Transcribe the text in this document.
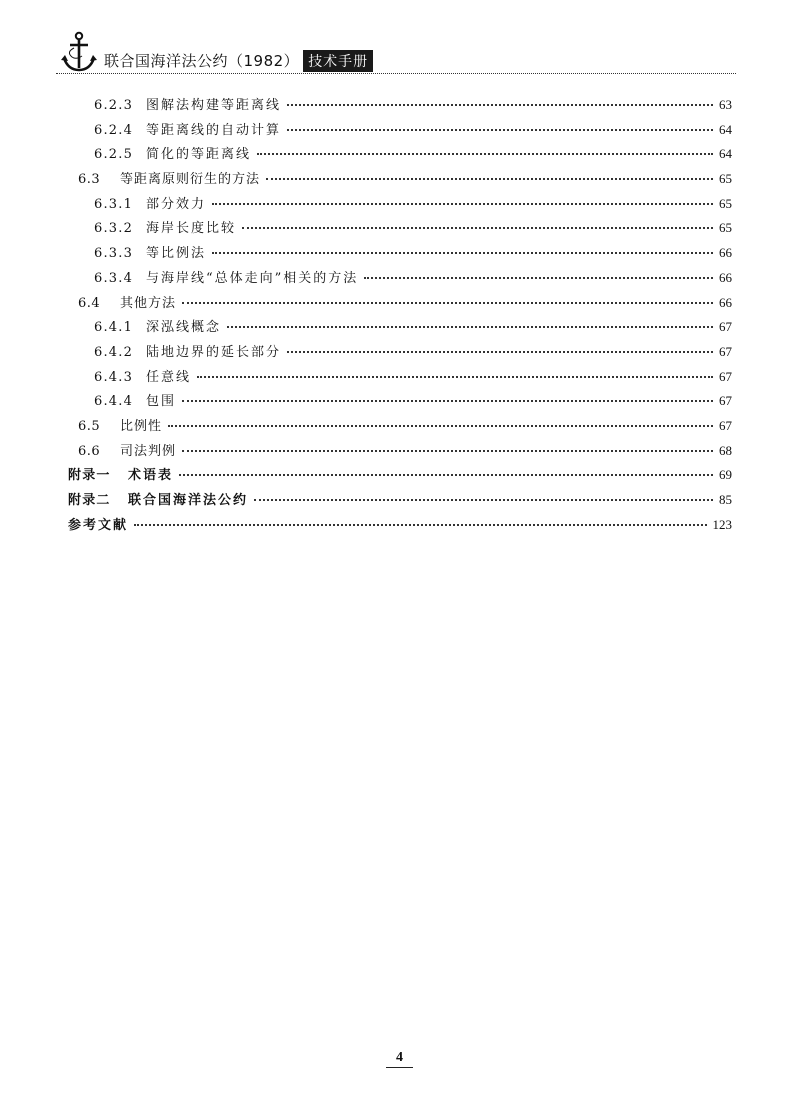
联合国海洋法公约（1982） 技术手册
6.2.3 图解法构建等距离线	63
6.2.4 等距离线的自动计算	64
6.2.5 简化的等距离线	64
6.3	等距离原则衍生的方法	65
6.3.1 部分效力	65
6.3.2 海岸长度比较	65
6.3.3 等比例法	66
6.3.4 与海岸线“总体走向”相关的方法	66
6.4	其他方法	66
6.4.1 深泓线概念	67
6.4.2 陆地边界的延长部分	67
6.4.3 任意线	67
6.4.4 包围	67
6.5	比例性	67
6.6	司法判例	68
附录一	术语表	69
附录二	联合国海洋法公约	85
参考文献	123
4
